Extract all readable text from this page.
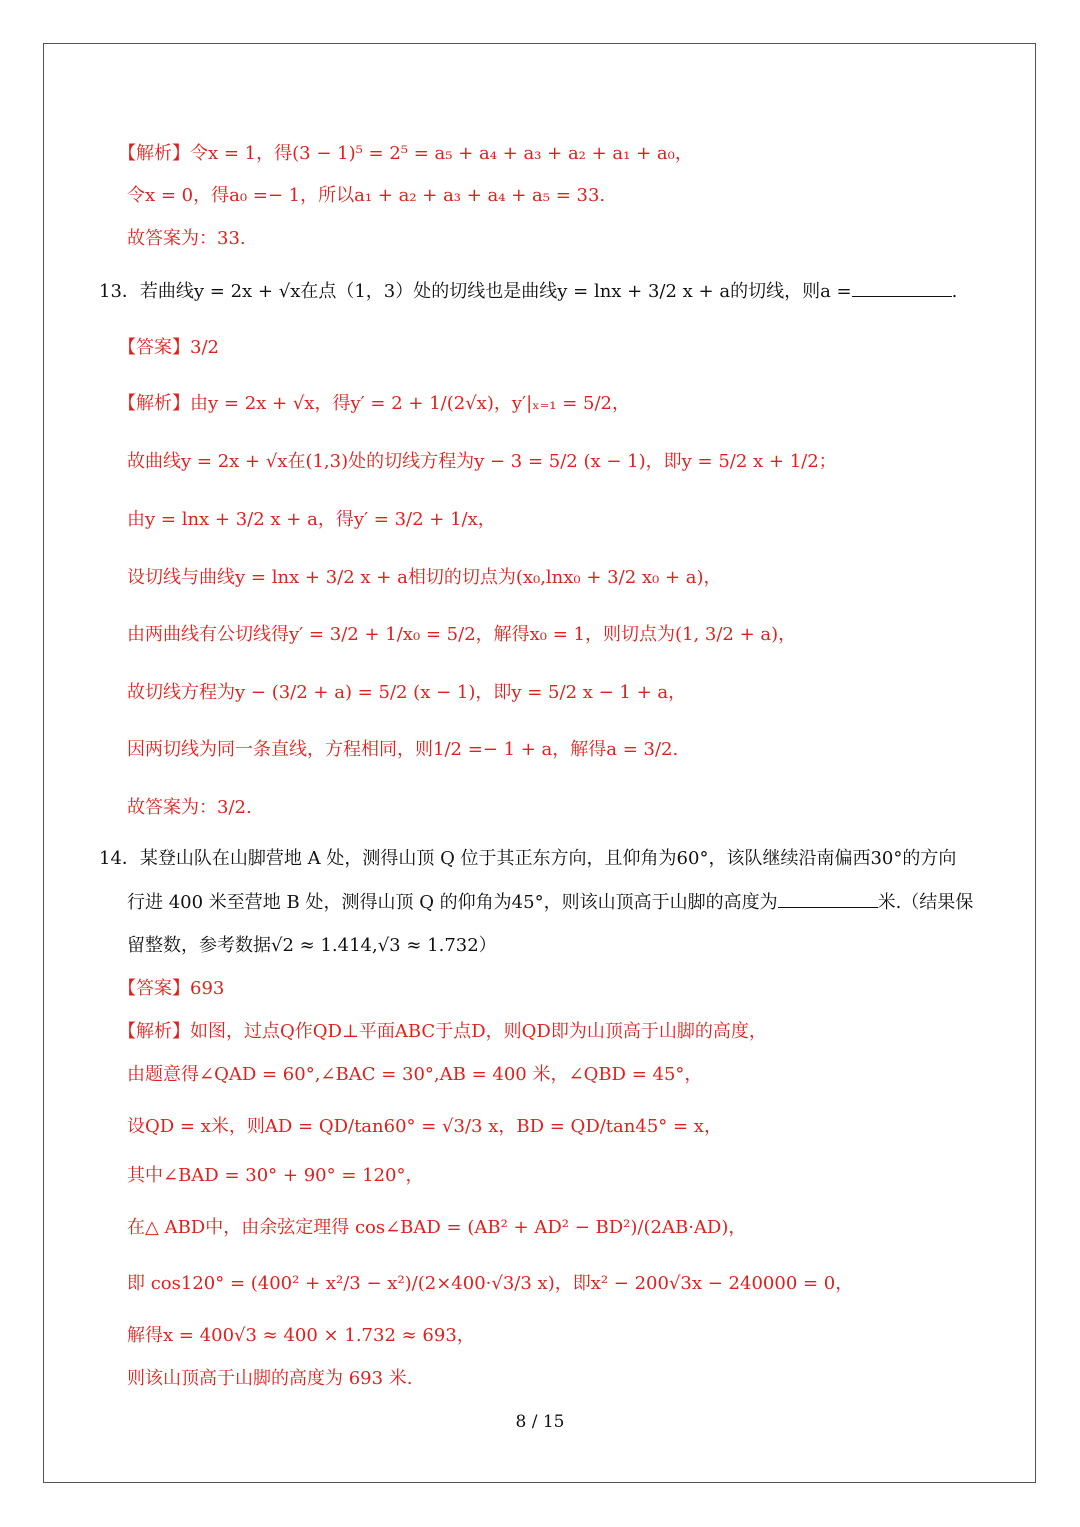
【解析】令x = 1，得(3 − 1)⁵ = 2⁵ = a₅ + a₄ + a₃ + a₂ + a₁ + a₀，
令x = 0，得a₀ =− 1，所以a₁ + a₂ + a₃ + a₄ + a₅ = 33.
故答案为：33.
13．若曲线y = 2x + √x在点（1，3）处的切线也是曲线y = lnx + 3/2 x + a的切线，则a =	.
【答案】3/2
【解析】由y = 2x + √x，得y′ = 2 + 1/(2√x)，y′|ₓ₌₁ = 5/2，
故曲线y = 2x + √x在(1,3)处的切线方程为y − 3 = 5/2 (x − 1)，即y = 5/2 x + 1/2；
由y = lnx + 3/2 x + a，得y′ = 3/2 + 1/x，
设切线与曲线y = lnx + 3/2 x + a相切的切点为(x₀,lnx₀ + 3/2 x₀ + a)，
由两曲线有公切线得y′ = 3/2 + 1/x₀ = 5/2，解得x₀ = 1，则切点为(1, 3/2 + a)，
故切线方程为y − (3/2 + a) = 5/2 (x − 1)，即y = 5/2 x − 1 + a，
因两切线为同一条直线，方程相同，则1/2 =− 1 + a，解得a = 3/2.
故答案为：3/2.
14．某登山队在山脚营地 A 处，测得山顶 Q 位于其正东方向，且仰角为60°，该队继续沿南偏西30°的方向
行进 400 米至营地 B 处，测得山顶 Q 的仰角为45°，则该山顶高于山脚的高度为	米.（结果保
留整数，参考数据√2 ≈ 1.414,√3 ≈ 1.732）
【答案】693
【解析】如图，过点Q作QD⊥平面ABC于点D，则QD即为山顶高于山脚的高度，
由题意得∠QAD = 60°,∠BAC = 30°,AB = 400 米，∠QBD = 45°，
设QD = x米，则AD = QD/tan60° = √3/3 x，BD = QD/tan45° = x，
其中∠BAD = 30° + 90° = 120°，
在△ ABD中，由余弦定理得 cos∠BAD = (AB² + AD² − BD²)/(2AB·AD)，
即 cos120° = (400² + x²/3 − x²)/(2×400·√3/3 x)，即x² − 200√3x − 240000 = 0，
解得x = 400√3 ≈ 400 × 1.732 ≈ 693，
则该山顶高于山脚的高度为 693 米.
8 / 15
